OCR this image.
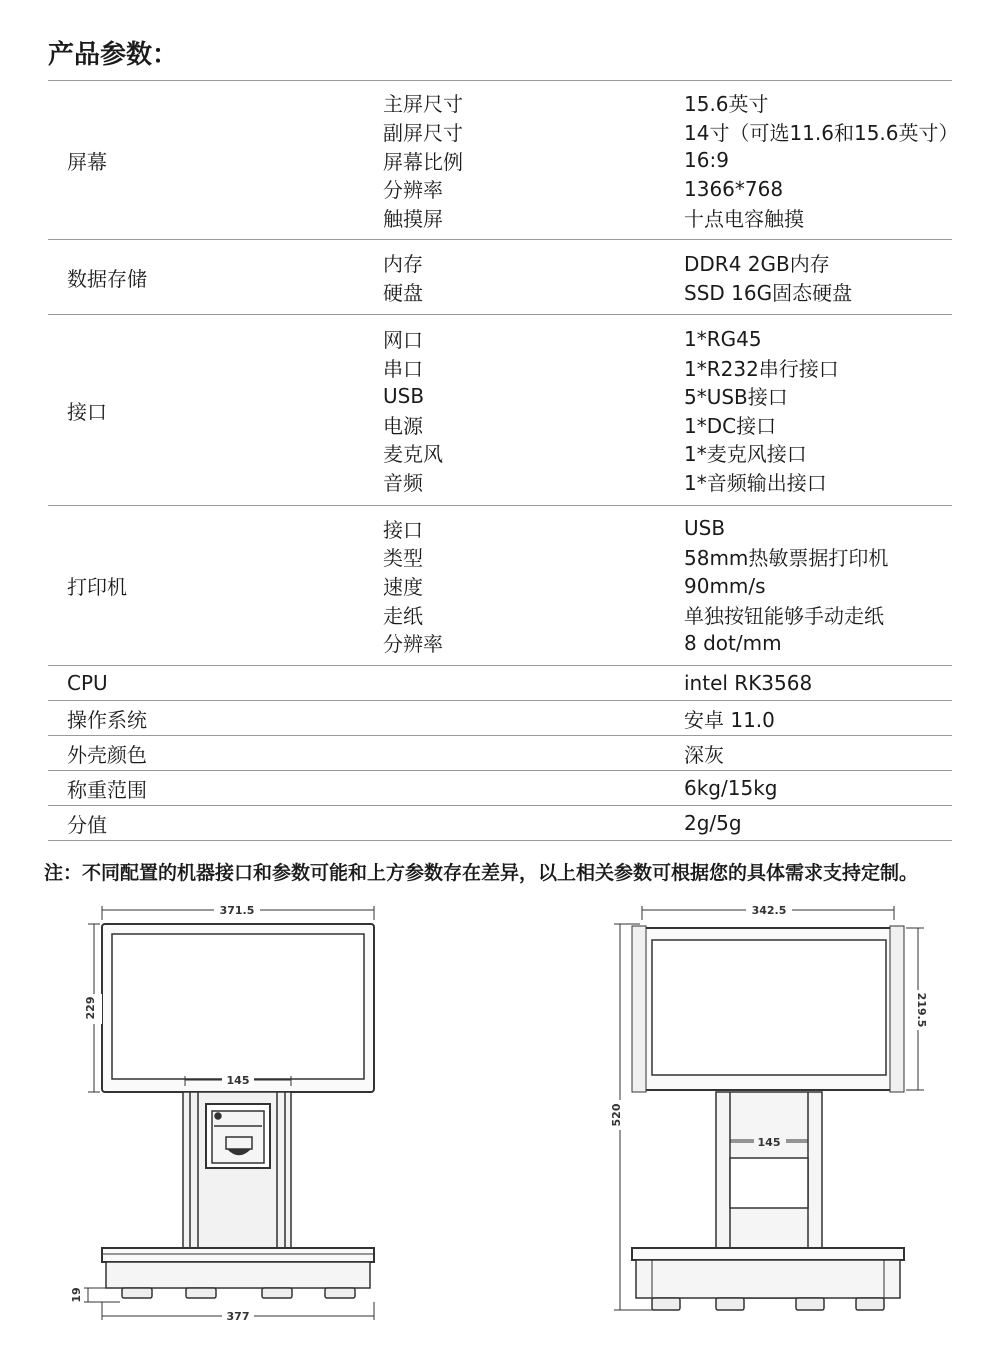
产品参数：
屏幕
主屏尺寸	15.6英寸
副屏尺寸	14寸（可选11.6和15.6英寸）
屏幕比例	16:9
分辨率	1366*768
触摸屏	十点电容触摸
数据存储
内存	DDR4 2GB内存
硬盘	SSD 16G固态硬盘
接口
网口	1*RG45
串口	1*R232串行接口
USB	5*USB接口
电源	1*DC接口
麦克风	1*麦克风接口
音频	1*音频输出接口
打印机
接口	USB
类型	58mm热敏票据打印机
速度	90mm/s
走纸	单独按钮能够手动走纸
分辨率	8 dot/mm
CPU	intel RK3568
操作系统	安卓 11.0
外壳颜色	深灰
称重范围	6kg/15kg
分值	2g/5g
注：不同配置的机器接口和参数可能和上方参数存在差异，以上相关参数可根据您的具体需求支持定制。
371.5
229
145
377
19
342.5
219.5
145
520
